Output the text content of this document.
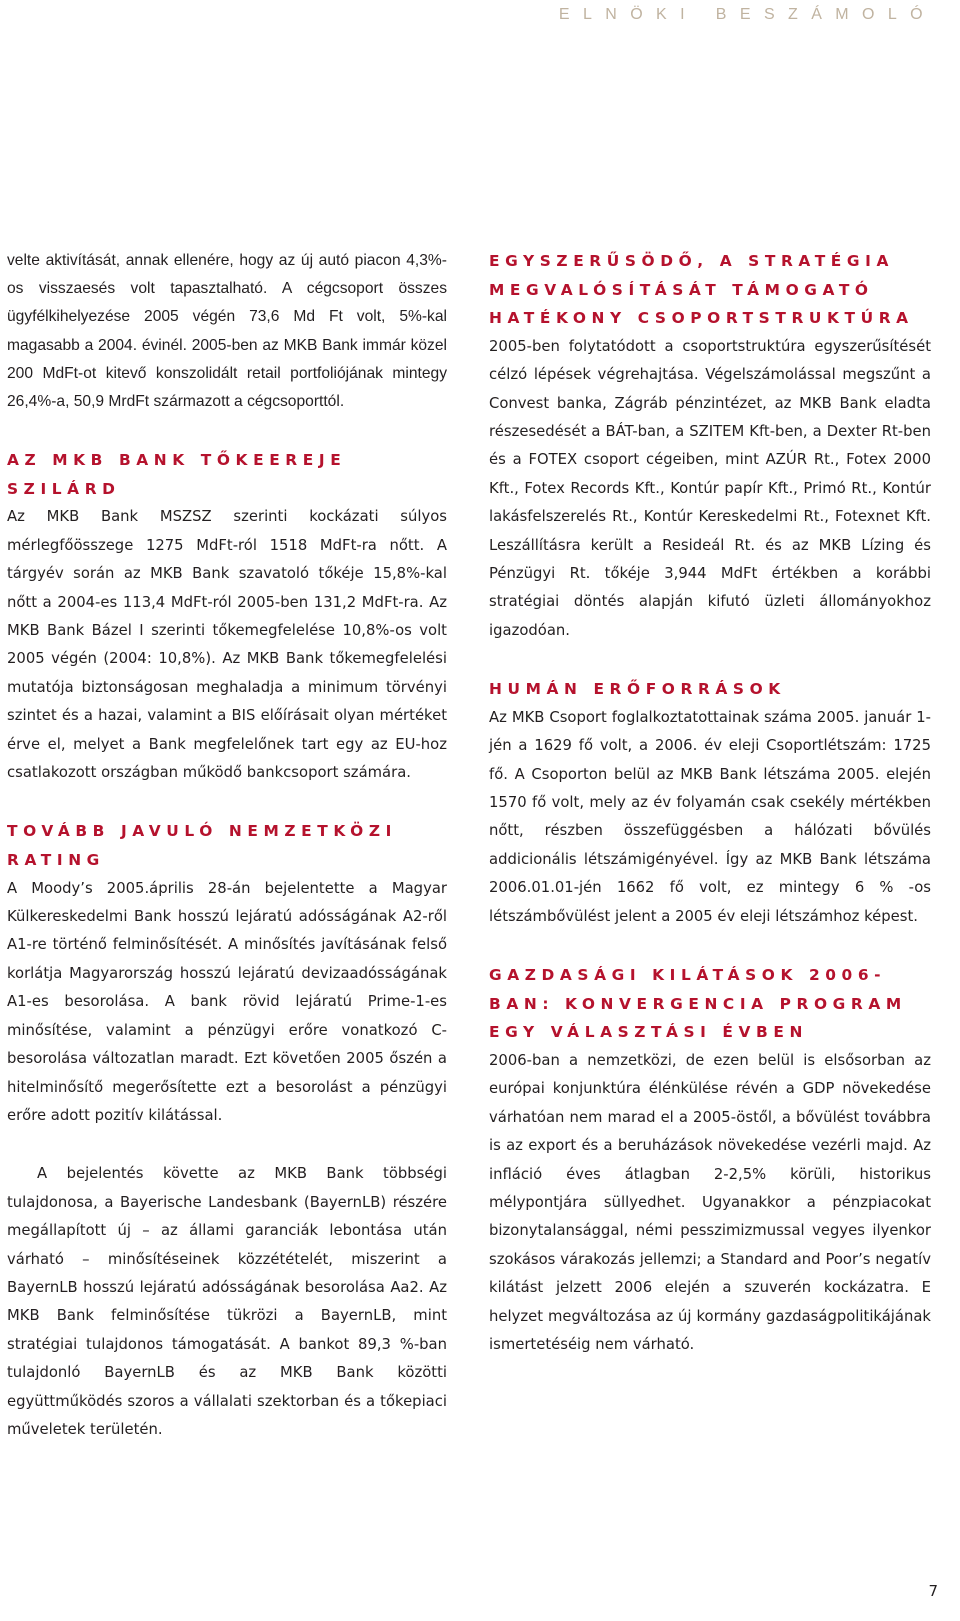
ELNÖKI BESZÁMOLÓ

velte aktivítását, annak ellenére, hogy az új autó piacon 4,3%-os visszaesés volt tapasztalható. A cégcsoport összes ügyfélkihelyezése 2005 végén 73,6 Md Ft volt, 5%-kal magasabb a 2004. évinél. 2005-ben az MKB Bank immár közel 200 MdFt-ot kitevő konszolidált retail portfoliójának mintegy 26,4%-a, 50,9 MrdFt származott a cégcsoporttól.

AZ MKB BANK TŐKEEREJE SZILÁRD

Az MKB Bank MSZSZ szerinti kockázati súlyos mérlegfőösszege 1275 MdFt-ról 1518 MdFt-ra nőtt. A tárgyév során az MKB Bank szavatoló tőkéje 15,8%-kal nőtt a 2004-es 113,4 MdFt-ról 2005-ben 131,2 MdFt-ra. Az MKB Bank Bázel I szerinti tőkemegfelelése 10,8%-os volt 2005 végén (2004: 10,8%). Az MKB Bank tőkemegfelelési mutatója biztonságosan meghaladja a minimum törvényi szintet és a hazai, valamint a BIS előírásait olyan mértéket érve el, melyet a Bank megfelelőnek tart egy az EU-hoz csatlakozott országban működő bankcsoport számára.

TOVÁBB JAVULÓ NEMZETKÖZI RATING

A Moody’s 2005.április 28-án bejelentette a Magyar Külkereskedelmi Bank hosszú lejáratú adósságának A2-ről A1-re történő felminősítését. A minősítés javításának felső korlátja Magyarország hosszú lejáratú devizaadósságának A1-es besorolása. A bank rövid lejáratú Prime-1-es minősítése, valamint a pénzügyi erőre vonatkozó C- besorolása változatlan maradt. Ezt követően 2005 őszén a hitelminősítő megerősítette ezt a besorolást a pénzügyi erőre adott pozitív kilátással.

A bejelentés követte az MKB Bank többségi tulajdonosa, a Bayerische Landesbank (BayernLB) részére megállapított új – az állami garanciák lebontása után várható – minősítéseinek közzétételét, miszerint a BayernLB hosszú lejáratú adósságának besorolása Aa2. Az MKB Bank felminősítése tükrözi a BayernLB, mint stratégiai tulajdonos támogatását. A bankot 89,3 %-ban tulajdonló BayernLB és az MKB Bank közötti együttműködés szoros a vállalati szektorban és a tőkepiaci műveletek területén.

EGYSZERŰSÖDŐ, A STRATÉGIA MEGVALÓSÍTÁSÁT TÁMOGATÓ HATÉKONY CSOPORTSTRUKTÚRA

2005-ben folytatódott a csoportstruktúra egyszerűsítését célzó lépések végrehajtása. Végelszámolással megszűnt a Convest banka, Zágráb pénzintézet, az MKB Bank eladta részesedését a BÁT-ban, a SZITEM Kft-ben, a Dexter Rt-ben és a FOTEX csoport cégeiben, mint AZÚR Rt., Fotex 2000 Kft., Fotex Records Kft., Kontúr papír Kft., Primó Rt., Kontúr lakásfelszerelés Rt., Kontúr Kereskedelmi Rt., Fotexnet Kft. Leszállításra került a Resideál Rt. és az MKB Lízing és Pénzügyi Rt. tőkéje 3,944 MdFt értékben a korábbi stratégiai döntés alapján kifutó üzleti állományokhoz igazodóan.

HUMÁN ERŐFORRÁSOK

Az MKB Csoport foglalkoztatottainak száma 2005. január 1-jén a 1629 fő volt, a 2006. év eleji Csoportlétszám: 1725 fő. A Csoporton belül az MKB Bank létszáma 2005. elején 1570 fő volt, mely az év folyamán csak csekély mértékben nőtt, részben összefüggésben a hálózati bővülés addicionális létszámigényével. Így az MKB Bank létszáma 2006.01.01-jén 1662 fő volt, ez mintegy 6 % -os létszámbővülést jelent a 2005 év eleji létszámhoz képest.

GAZDASÁGI KILÁTÁSOK 2006-BAN: KONVERGENCIA PROGRAM EGY VÁLASZTÁSI ÉVBEN

2006-ban a nemzetközi, de ezen belül is elsősorban az európai konjunktúra élénkülése révén a GDP növekedése várhatóan nem marad el a 2005-östől, a bővülést továbbra is az export és a beruházások növekedése vezérli majd. Az infláció éves átlagban 2-2,5% körüli, historikus mélypontjára süllyedhet. Ugyanakkor a pénzpiacokat bizonytalansággal, némi pesszimizmussal vegyes ilyenkor szokásos várakozás jellemzi; a Standard and Poor’s negatív kilátást jelzett 2006 elején a szuverén kockázatra. E helyzet megváltozása az új kormány gazdaságpolitikájának ismertetéséig nem várható.

7
